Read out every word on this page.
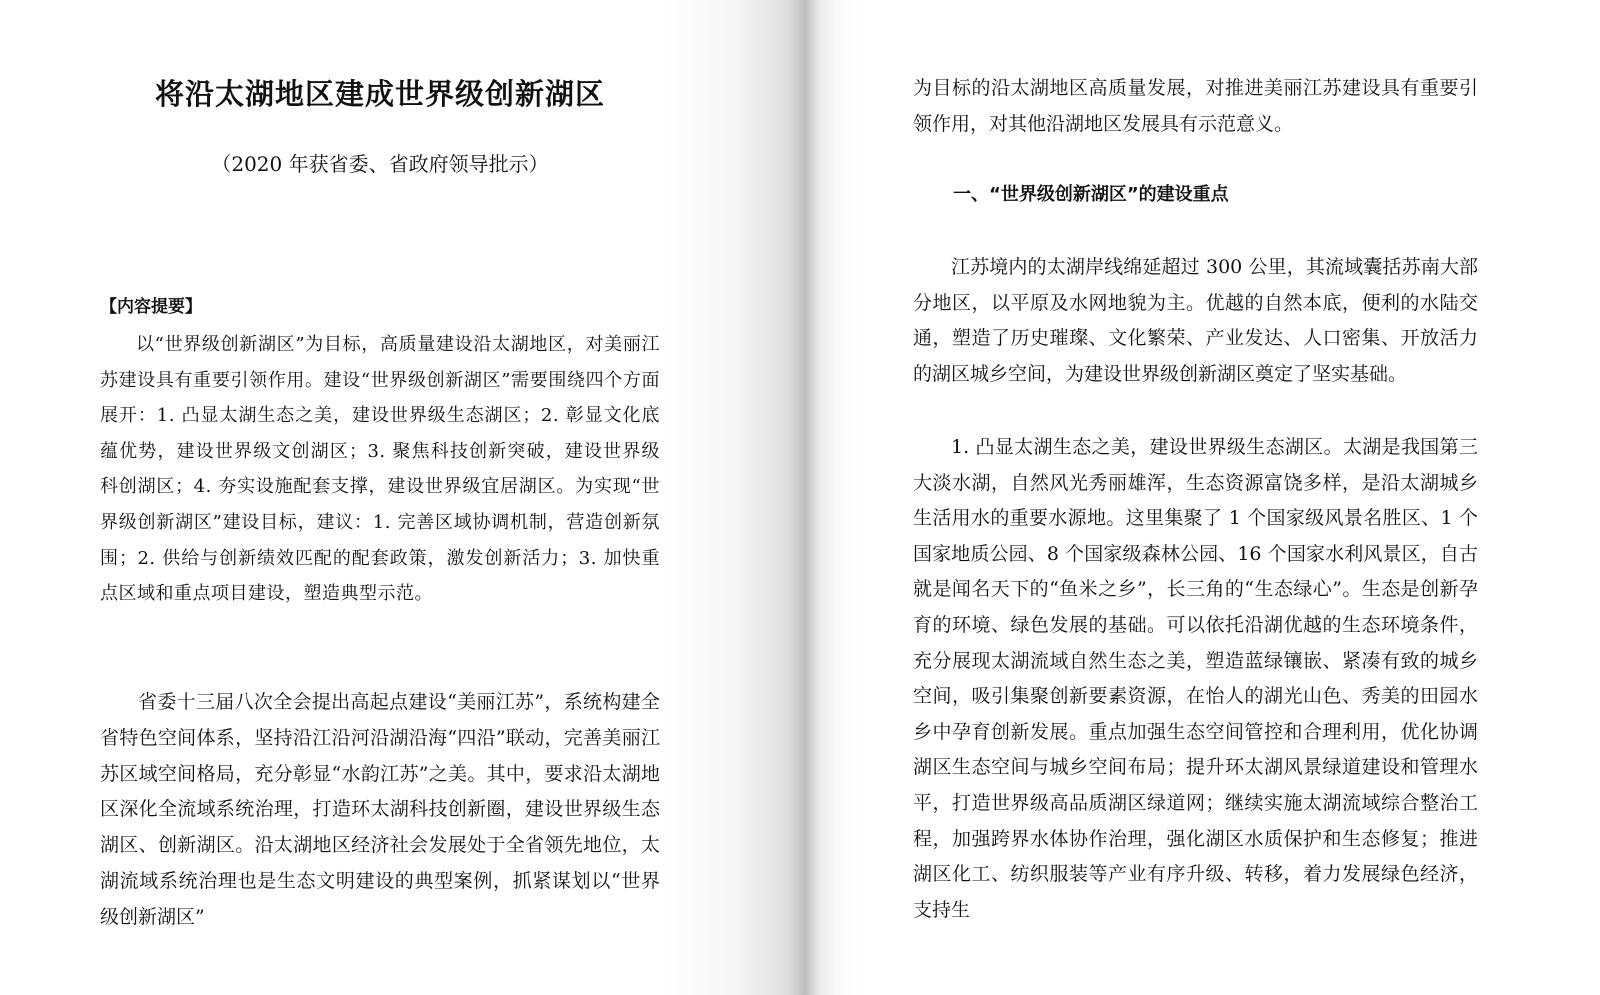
将沿太湖地区建成世界级创新湖区
（2020 年获省委、省政府领导批示）
【内容提要】

以“世界级创新湖区”为目标，高质量建设沿太湖地区，对美丽江苏建设具有重要引领作用。建设“世界级创新湖区”需要围绕四个方面展开：1. 凸显太湖生态之美，建设世界级生态湖区；2. 彰显文化底蕴优势，建设世界级文创湖区；3. 聚焦科技创新突破，建设世界级科创湖区；4. 夯实设施配套支撑，建设世界级宜居湖区。为实现“世界级创新湖区”建设目标，建议：1. 完善区域协调机制，营造创新氛围；2. 供给与创新绩效匹配的配套政策，激发创新活力；3. 加快重点区域和重点项目建设，塑造典型示范。

省委十三届八次全会提出高起点建设“美丽江苏”，系统构建全省特色空间体系，坚持沿江沿河沿湖沿海“四沿”联动，完善美丽江苏区域空间格局，充分彰显“水韵江苏”之美。其中，要求沿太湖地区深化全流域系统治理，打造环太湖科技创新圈，建设世界级生态湖区、创新湖区。沿太湖地区经济社会发展处于全省领先地位，太湖流域系统治理也是生态文明建设的典型案例，抓紧谋划以“世界级创新湖区”

为目标的沿太湖地区高质量发展，对推进美丽江苏建设具有重要引领作用，对其他沿湖地区发展具有示范意义。

一、“世界级创新湖区”的建设重点

江苏境内的太湖岸线绵延超过 300 公里，其流域囊括苏南大部分地区，以平原及水网地貌为主。优越的自然本底，便利的水陆交通，塑造了历史璀璨、文化繁荣、产业发达、人口密集、开放活力的湖区城乡空间，为建设世界级创新湖区奠定了坚实基础。

1. 凸显太湖生态之美，建设世界级生态湖区。太湖是我国第三大淡水湖，自然风光秀丽雄浑，生态资源富饶多样，是沿太湖城乡生活用水的重要水源地。这里集聚了 1 个国家级风景名胜区、1 个国家地质公园、8 个国家级森林公园、16 个国家水利风景区，自古就是闻名天下的“鱼米之乡”，长三角的“生态绿心”。生态是创新孕育的环境、绿色发展的基础。可以依托沿湖优越的生态环境条件，充分展现太湖流域自然生态之美，塑造蓝绿镶嵌、紧凑有致的城乡空间，吸引集聚创新要素资源，在怡人的湖光山色、秀美的田园水乡中孕育创新发展。重点加强生态空间管控和合理利用，优化协调湖区生态空间与城乡空间布局；提升环太湖风景绿道建设和管理水平，打造世界级高品质湖区绿道网；继续实施太湖流域综合整治工程，加强跨界水体协作治理，强化湖区水质保护和生态修复；推进湖区化工、纺织服装等产业有序升级、转移，着力发展绿色经济，支持生
